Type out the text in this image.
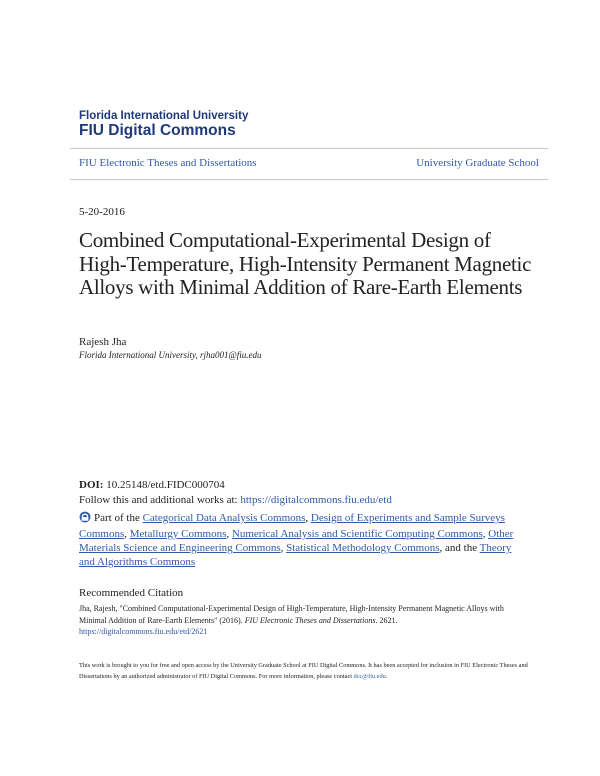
Florida International University
FIU Digital Commons
FIU Electronic Theses and Dissertations	University Graduate School
5-20-2016
Combined Computational-Experimental Design of High-Temperature, High-Intensity Permanent Magnetic Alloys with Minimal Addition of Rare-Earth Elements
Rajesh Jha
Florida International University, rjha001@fiu.edu
DOI: 10.25148/etd.FIDC000704
Follow this and additional works at: https://digitalcommons.fiu.edu/etd
Part of the Categorical Data Analysis Commons, Design of Experiments and Sample Surveys Commons, Metallurgy Commons, Numerical Analysis and Scientific Computing Commons, Other Materials Science and Engineering Commons, Statistical Methodology Commons, and the Theory and Algorithms Commons
Recommended Citation
Jha, Rajesh, "Combined Computational-Experimental Design of High-Temperature, High-Intensity Permanent Magnetic Alloys with Minimal Addition of Rare-Earth Elements" (2016). FIU Electronic Theses and Dissertations. 2621.
https://digitalcommons.fiu.edu/etd/2621
This work is brought to you for free and open access by the University Graduate School at FIU Digital Commons. It has been accepted for inclusion in FIU Electronic Theses and Dissertations by an authorized administrator of FIU Digital Commons. For more information, please contact dcc@fiu.edu.
